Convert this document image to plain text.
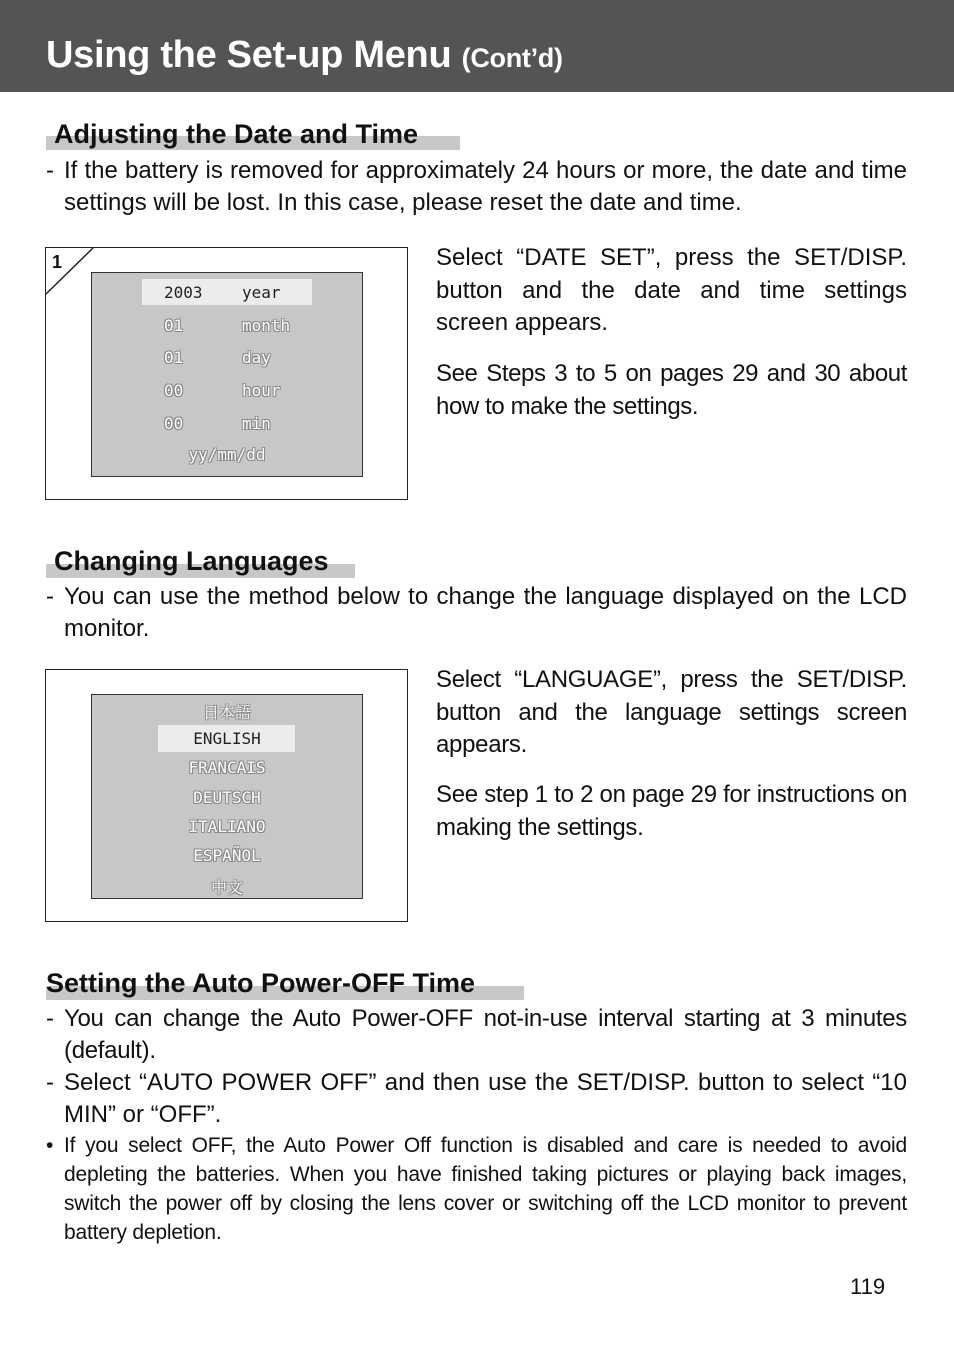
Using the Set-up Menu (Cont’d)
Adjusting the Date and Time
- If the battery is removed for approximately 24 hours or more, the date and time settings will be lost. In this case, please reset the date and time.
1
2003 year
01	month
01	day
00	hour
00	min
yy/mm/dd

Select “DATE SET”, press the SET/DISP. button and the date and time settings screen appears.

See Steps 3 to 5 on pages 29 and 30 about how to make the settings.

Changing Languages
- You can use the method below to change the language displayed on the LCD monitor.
日本語
ENGLISH
FRANCAIS
DEUTSCH
ITALIANO
ESPAÑOL
中文

Select “LANGUAGE”, press the SET/DISP. button and the language settings screen appears.

See step 1 to 2 on page 29 for instructions on making the settings.

Setting the Auto Power-OFF Time
- You can change the Auto Power-OFF not-in-use interval starting at 3 minutes (default).
- Select “AUTO POWER OFF” and then use the SET/DISP. button to select “10 MIN” or “OFF”.
• If you select OFF, the Auto Power Off function is disabled and care is needed to avoid depleting the batteries. When you have finished taking pictures or playing back images, switch the power off by closing the lens cover or switching off the LCD monitor to prevent battery depletion.
119
